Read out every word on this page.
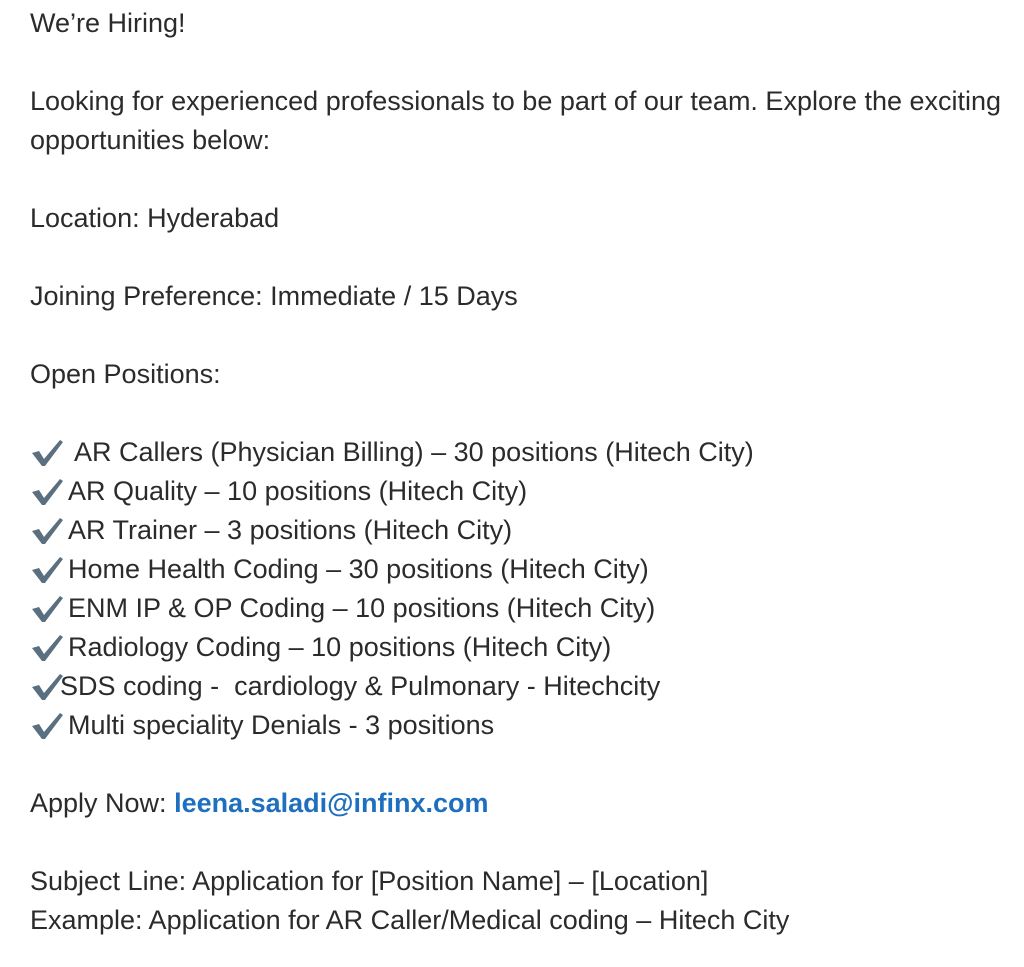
We’re Hiring!
Looking for experienced professionals to be part of our team. Explore the exciting opportunities below:
Location: Hyderabad
Joining Preference: Immediate / 15 Days
Open Positions:
AR Callers (Physician Billing) – 30 positions (Hitech City)
AR Quality – 10 positions (Hitech City)
AR Trainer – 3 positions (Hitech City)
Home Health Coding – 30 positions (Hitech City)
ENM IP & OP Coding – 10 positions (Hitech City)
Radiology Coding – 10 positions (Hitech City)
SDS coding -  cardiology & Pulmonary - Hitechcity
Multi speciality Denials - 3 positions
Apply Now: leena.saladi@infinx.com
Subject Line: Application for [Position Name] – [Location]
Example: Application for AR Caller/Medical coding – Hitech City
